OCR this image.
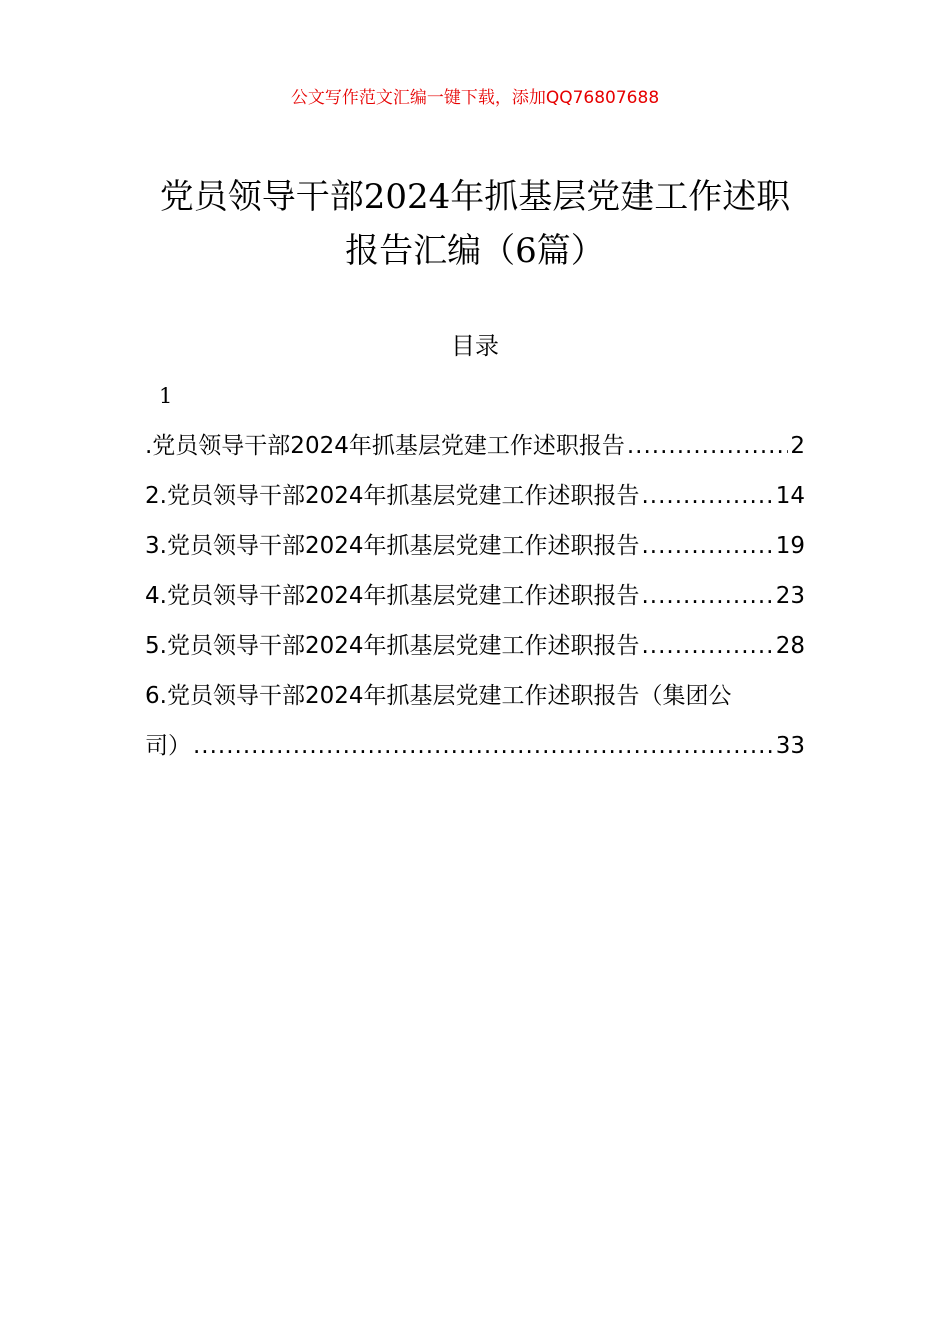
公文写作范文汇编一键下载，添加QQ76807688
党员领导干部2024年抓基层党建工作述职
报告汇编（6篇）
目录
1
.党员领导干部2024年抓基层党建工作述职报告 .....	2
2.党员领导干部2024年抓基层党建工作述职报告 .....	14
3.党员领导干部2024年抓基层党建工作述职报告 .....	19
4.党员领导干部2024年抓基层党建工作述职报告 .....	23
5.党员领导干部2024年抓基层党建工作述职报告 .....	28
6.党员领导干部2024年抓基层党建工作述职报告（集团公
司） .....	33
